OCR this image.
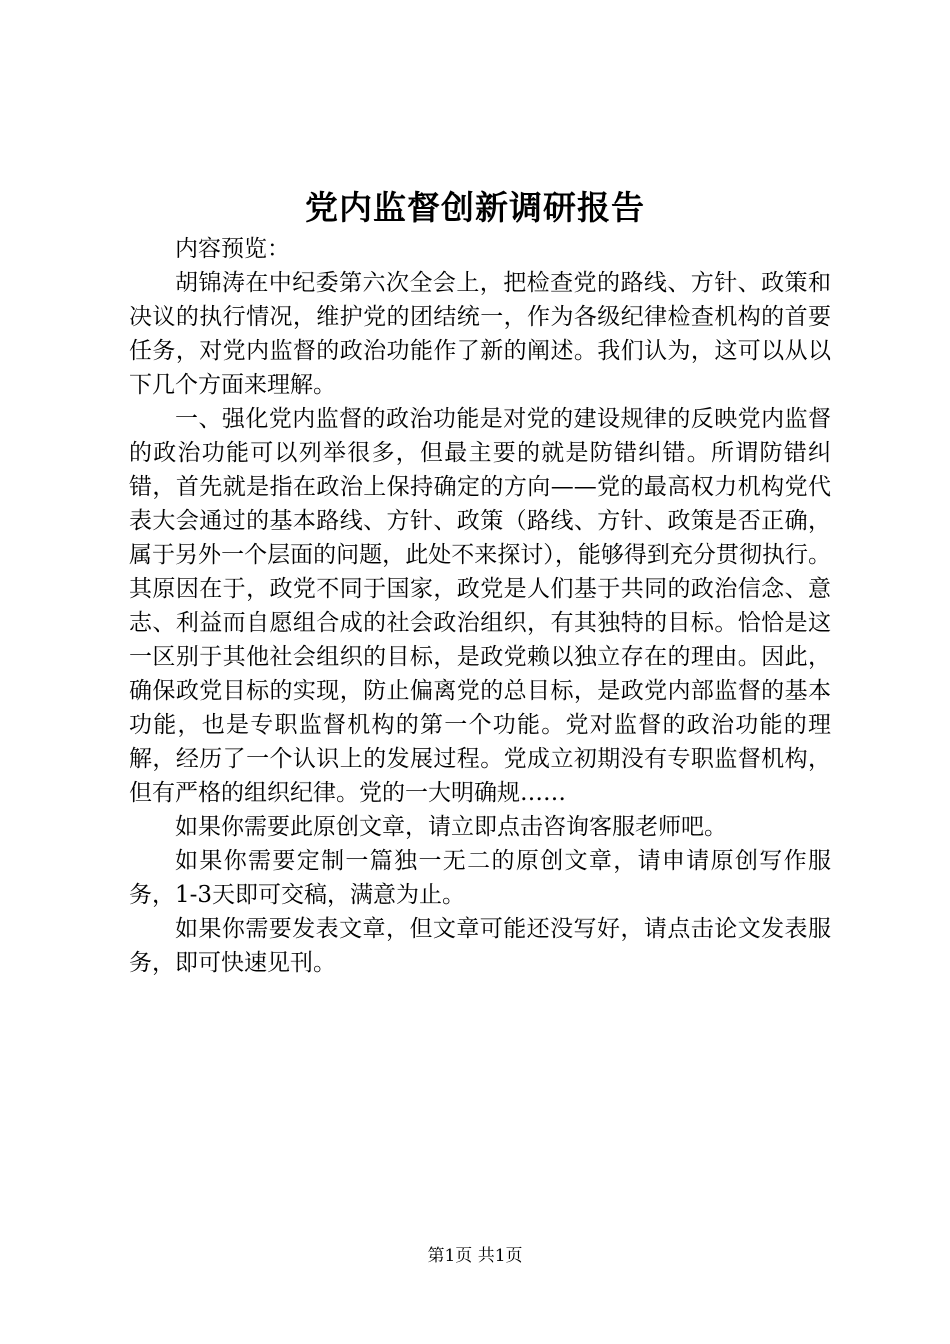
党内监督创新调研报告

内容预览：

胡锦涛在中纪委第六次全会上，把检查党的路线、方针、政策和决议的执行情况，维护党的团结统一，作为各级纪律检查机构的首要任务，对党内监督的政治功能作了新的阐述。我们认为，这可以从以下几个方面来理解。

一、强化党内监督的政治功能是对党的建设规律的反映党内监督的政治功能可以列举很多，但最主要的就是防错纠错。所谓防错纠错，首先就是指在政治上保持确定的方向——党的最高权力机构党代表大会通过的基本路线、方针、政策（路线、方针、政策是否正确，属于另外一个层面的问题，此处不来探讨），能够得到充分贯彻执行。其原因在于，政党不同于国家，政党是人们基于共同的政治信念、意志、利益而自愿组合成的社会政治组织，有其独特的目标。恰恰是这一区别于其他社会组织的目标，是政党赖以独立存在的理由。因此，确保政党目标的实现，防止偏离党的总目标，是政党内部监督的基本功能，也是专职监督机构的第一个功能。党对监督的政治功能的理解，经历了一个认识上的发展过程。党成立初期没有专职监督机构，但有严格的组织纪律。党的一大明确规……

如果你需要此原创文章，请立即点击咨询客服老师吧。

如果你需要定制一篇独一无二的原创文章，请申请原创写作服务，1-3天即可交稿，满意为止。

如果你需要发表文章，但文章可能还没写好，请点击论文发表服务，即可快速见刊。

第1页 共1页
